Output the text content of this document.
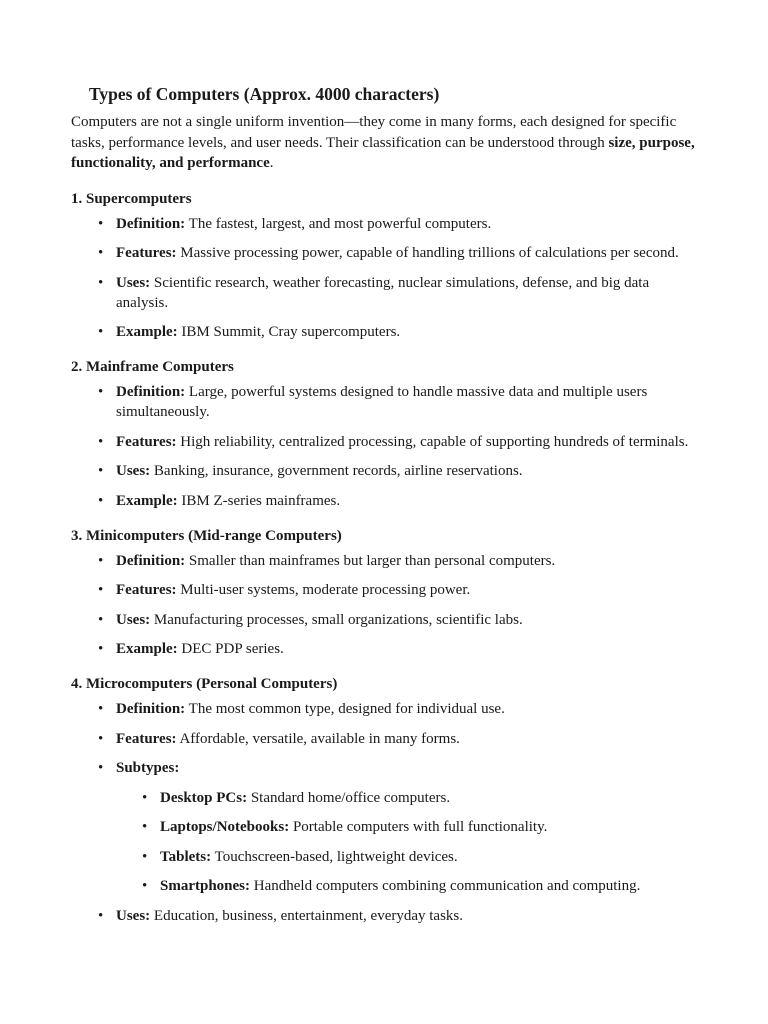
Types of Computers (Approx. 4000 characters)

Computers are not a single uniform invention—they come in many forms, each designed for specific tasks, performance levels, and user needs. Their classification can be understood through size, purpose, functionality, and performance.

1. Supercomputers
• Definition: The fastest, largest, and most powerful computers.
• Features: Massive processing power, capable of handling trillions of calculations per second.
• Uses: Scientific research, weather forecasting, nuclear simulations, defense, and big data analysis.
• Example: IBM Summit, Cray supercomputers.
2. Mainframe Computers
• Definition: Large, powerful systems designed to handle massive data and multiple users simultaneously.
• Features: High reliability, centralized processing, capable of supporting hundreds of terminals.
• Uses: Banking, insurance, government records, airline reservations.
• Example: IBM Z-series mainframes.
3. Minicomputers (Mid-range Computers)
• Definition: Smaller than mainframes but larger than personal computers.
• Features: Multi-user systems, moderate processing power.
• Uses: Manufacturing processes, small organizations, scientific labs.
• Example: DEC PDP series.
4. Microcomputers (Personal Computers)
• Definition: The most common type, designed for individual use.
• Features: Affordable, versatile, available in many forms.
• Subtypes:
• Desktop PCs: Standard home/office computers.
• Laptops/Notebooks: Portable computers with full functionality.
• Tablets: Touchscreen-based, lightweight devices.
• Smartphones: Handheld computers combining communication and computing.
• Uses: Education, business, entertainment, everyday tasks.
